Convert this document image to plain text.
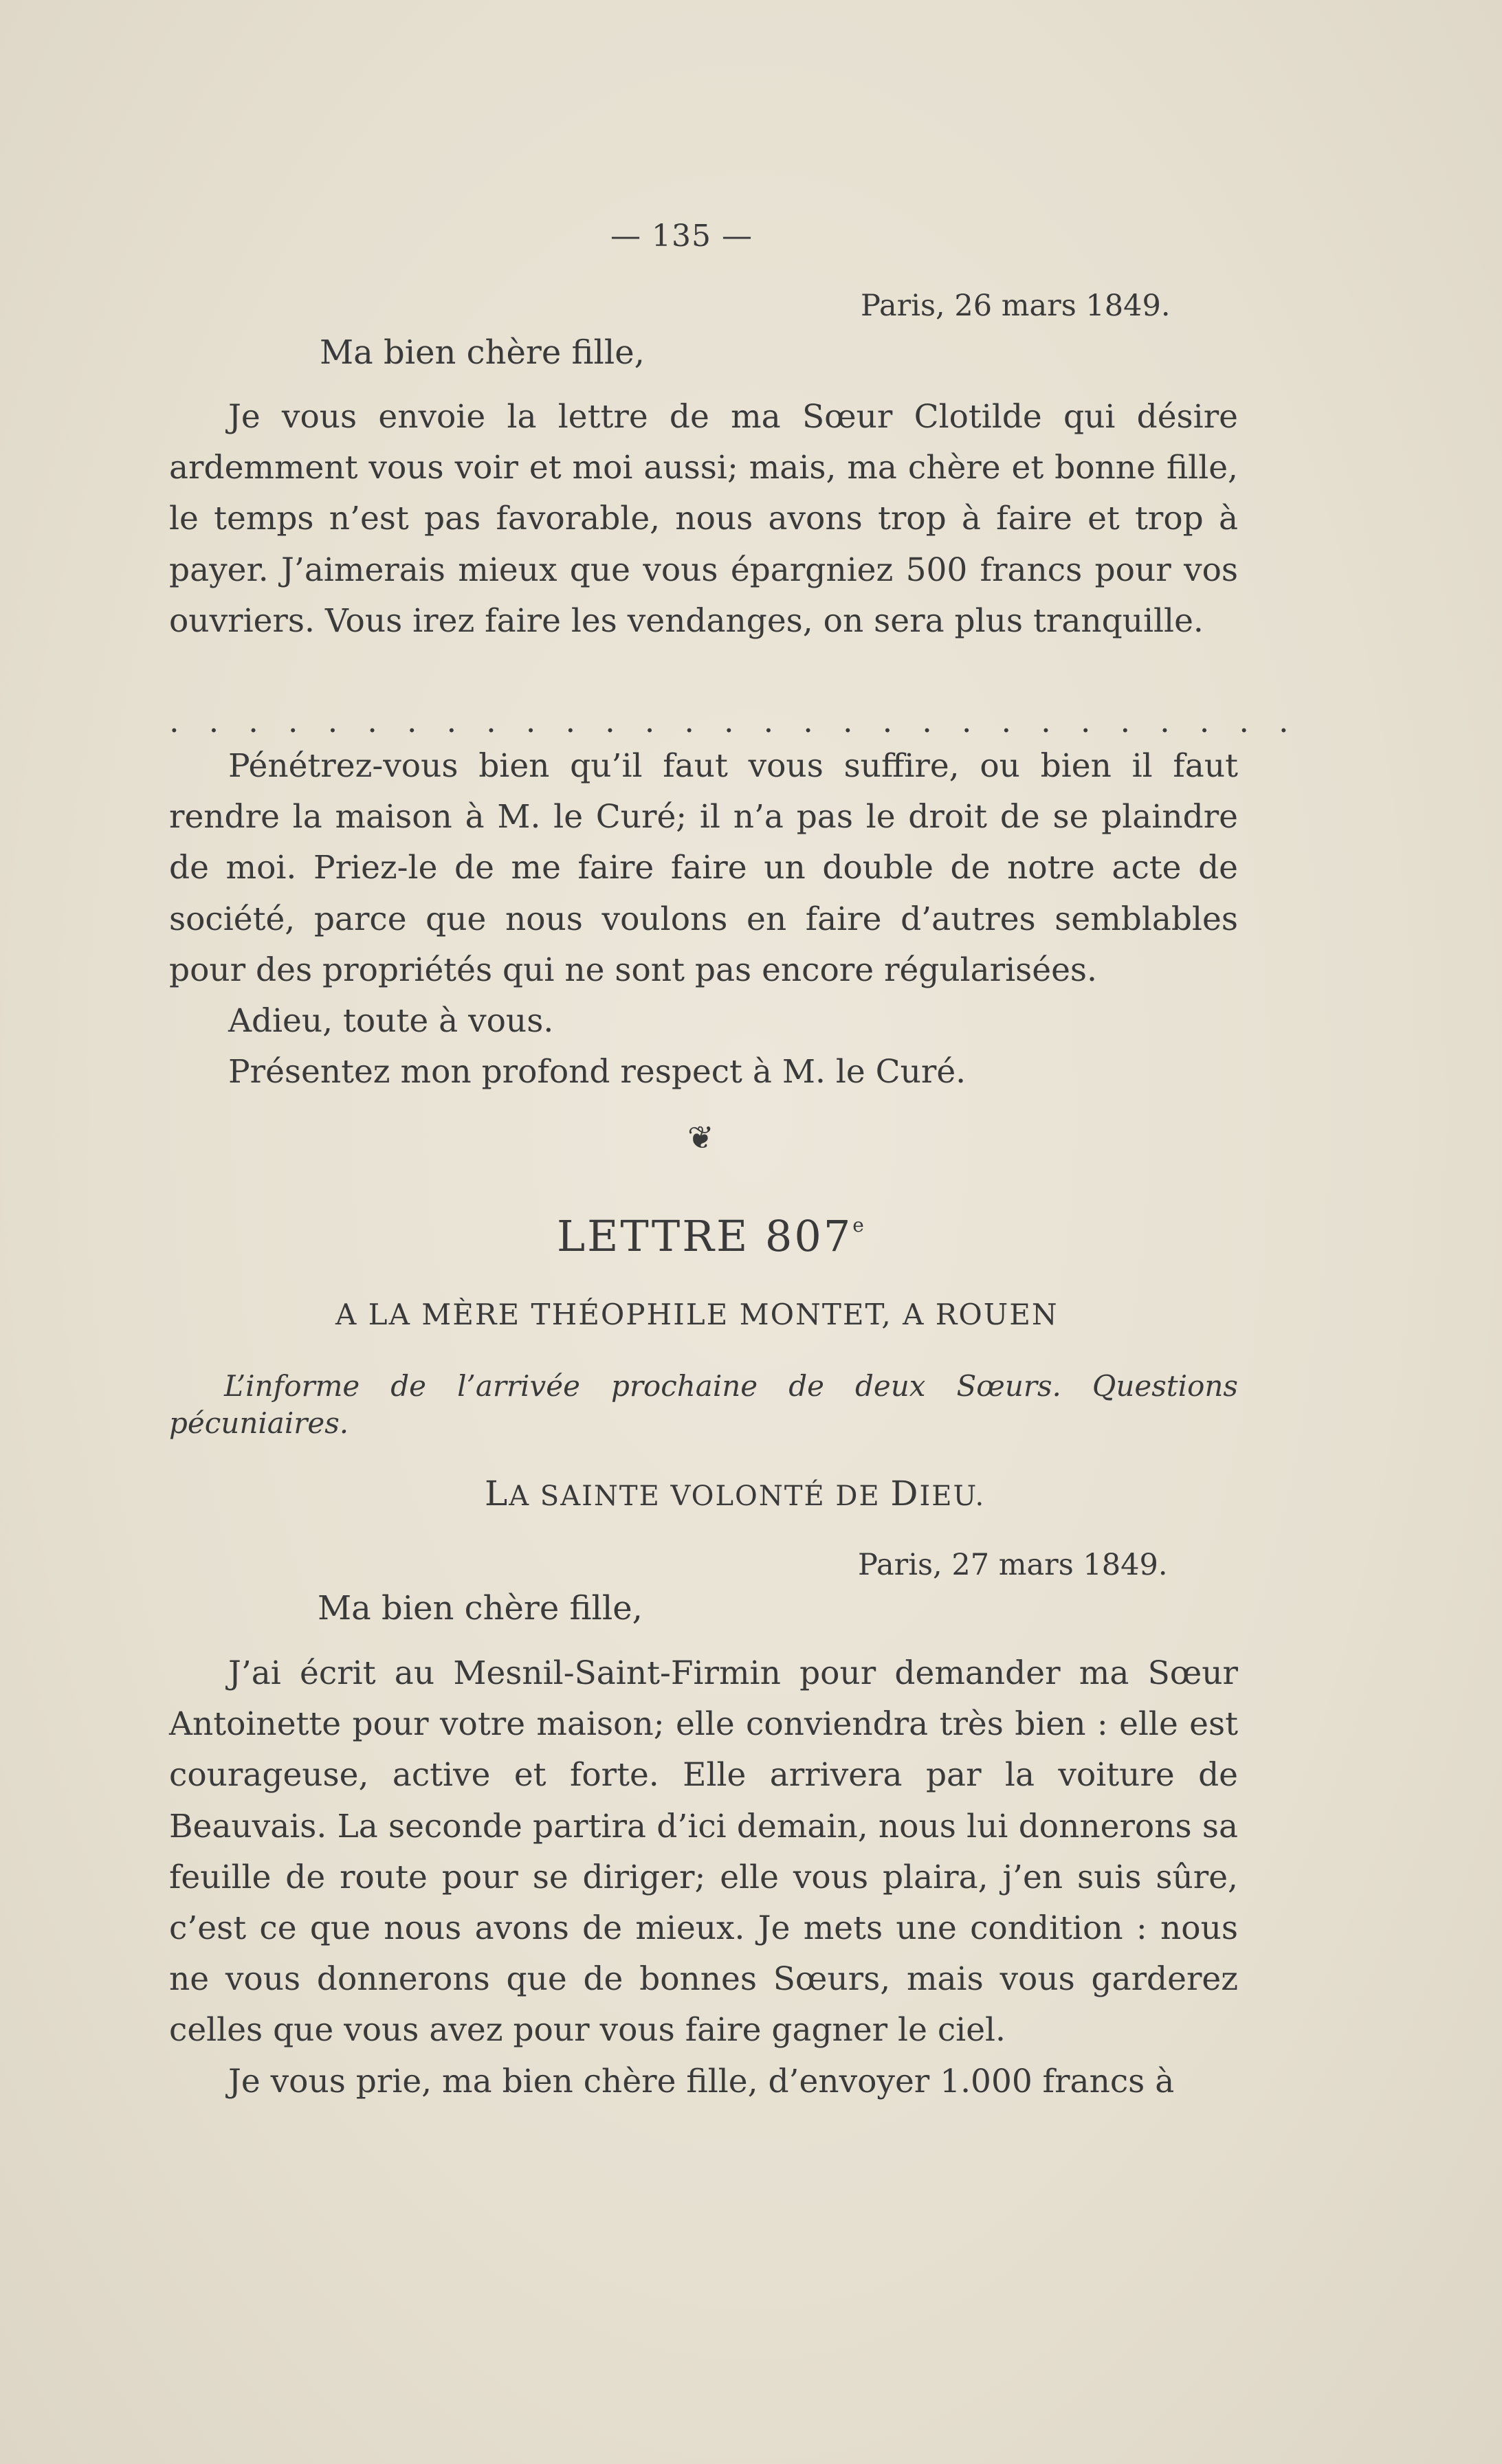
— 135 —
Paris, 26 mars 1849.
Ma bien chère fille,

Je vous envoie la lettre de ma Sœur Clotilde qui désire ardemment vous voir et moi aussi; mais, ma chère et bonne fille, le temps n’est pas favorable, nous avons trop à faire et trop à payer. J’aimerais mieux que vous épargniez 500 francs pour vos ouvriers. Vous irez faire les vendanges, on sera plus tranquille.

. . . . . . . . . . . . . . . . . . . . . . . . . . . . .

Pénétrez-vous bien qu’il faut vous suffire, ou bien il faut rendre la maison à M. le Curé; il n’a pas le droit de se plaindre de moi. Priez-le de me faire faire un double de notre acte de société, parce que nous voulons en faire d’autres semblables pour des propriétés qui ne sont pas encore régularisées.

Adieu, toute à vous.

Présentez mon profond respect à M. le Curé.

❦
LETTRE 807e
A LA MÈRE THÉOPHILE MONTET, A ROUEN

L’informe de l’arrivée prochaine de deux Sœurs. Questions pécuniaires.

LA SAINTE VOLONTÉ DE DIEU.
Paris, 27 mars 1849.
Ma bien chère fille,

J’ai écrit au Mesnil-Saint-Firmin pour demander ma Sœur Antoinette pour votre maison; elle conviendra très bien : elle est courageuse, active et forte. Elle arrivera par la voiture de Beauvais. La seconde partira d’ici demain, nous lui donnerons sa feuille de route pour se diriger; elle vous plaira, j’en suis sûre, c’est ce que nous avons de mieux. Je mets une condition : nous ne vous donnerons que de bonnes Sœurs, mais vous garderez celles que vous avez pour vous faire gagner le ciel.

Je vous prie, ma bien chère fille, d’envoyer 1.000 francs à
